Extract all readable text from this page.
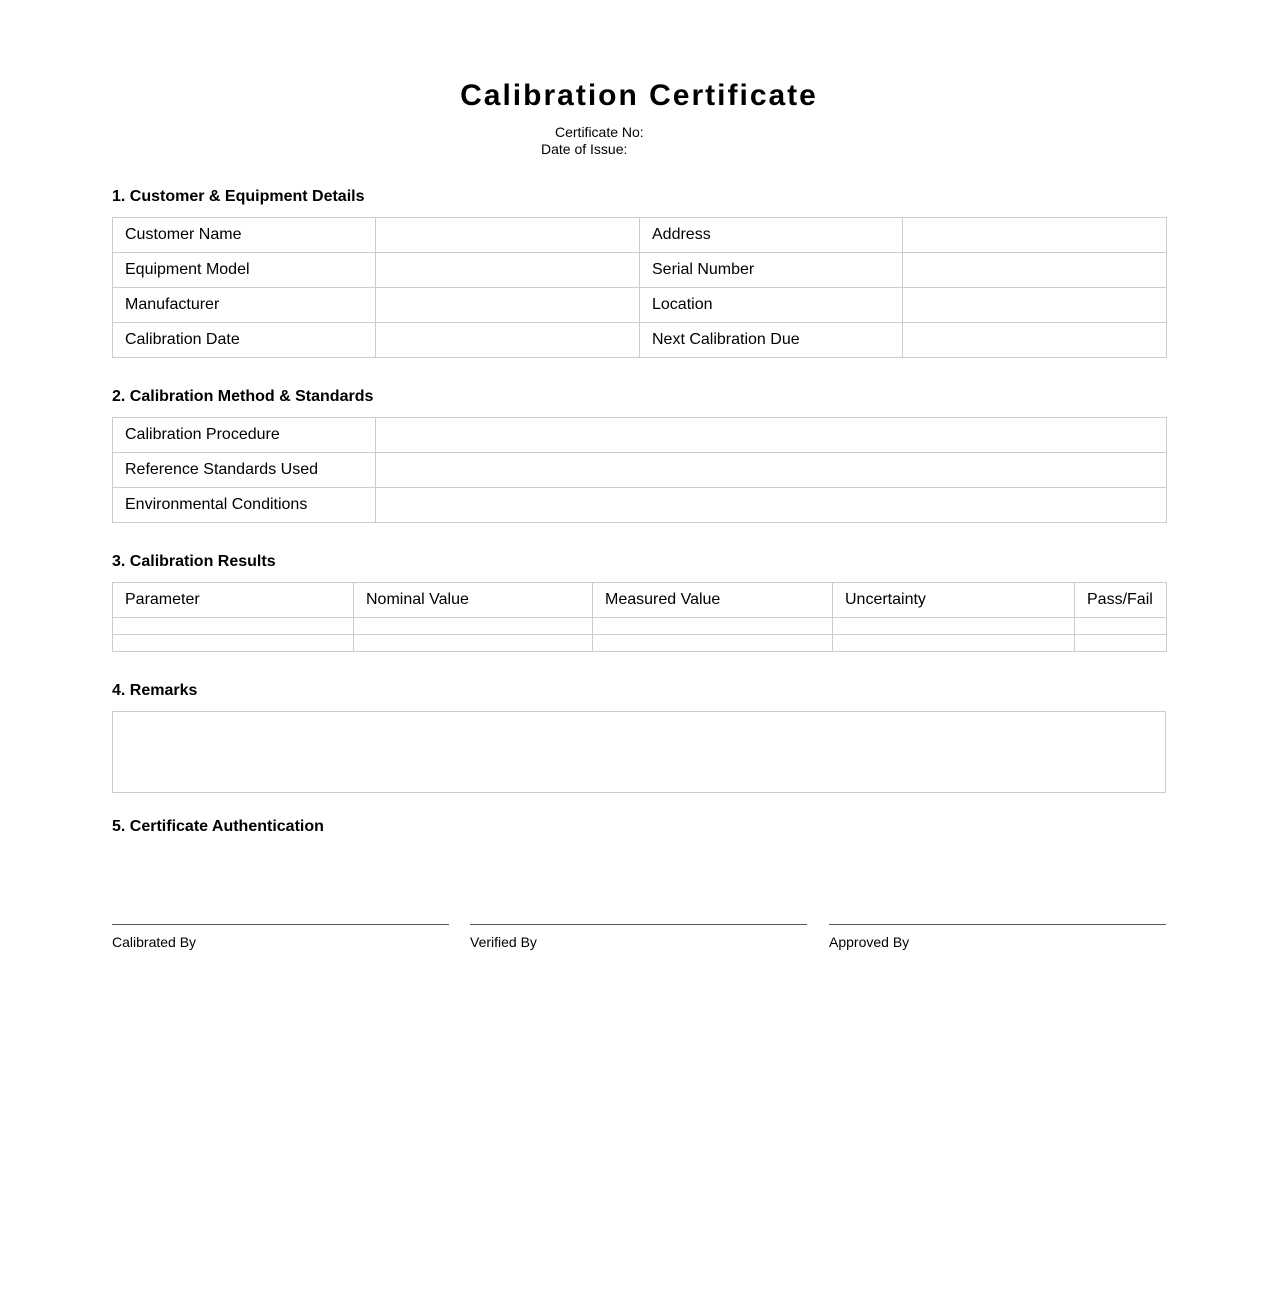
Calibration Certificate
Certificate No:
Date of Issue:
1. Customer & Equipment Details
Customer Name		Address	
Equipment Model		Serial Number	
Manufacturer		Location	
Calibration Date		Next Calibration Due	
2. Calibration Method & Standards
Calibration Procedure	
Reference Standards Used	
Environmental Conditions	
3. Calibration Results
Parameter	Nominal Value	Measured Value	Uncertainty	Pass/Fail

4. Remarks
5. Certificate Authentication
Calibrated By	Verified By	Approved By
